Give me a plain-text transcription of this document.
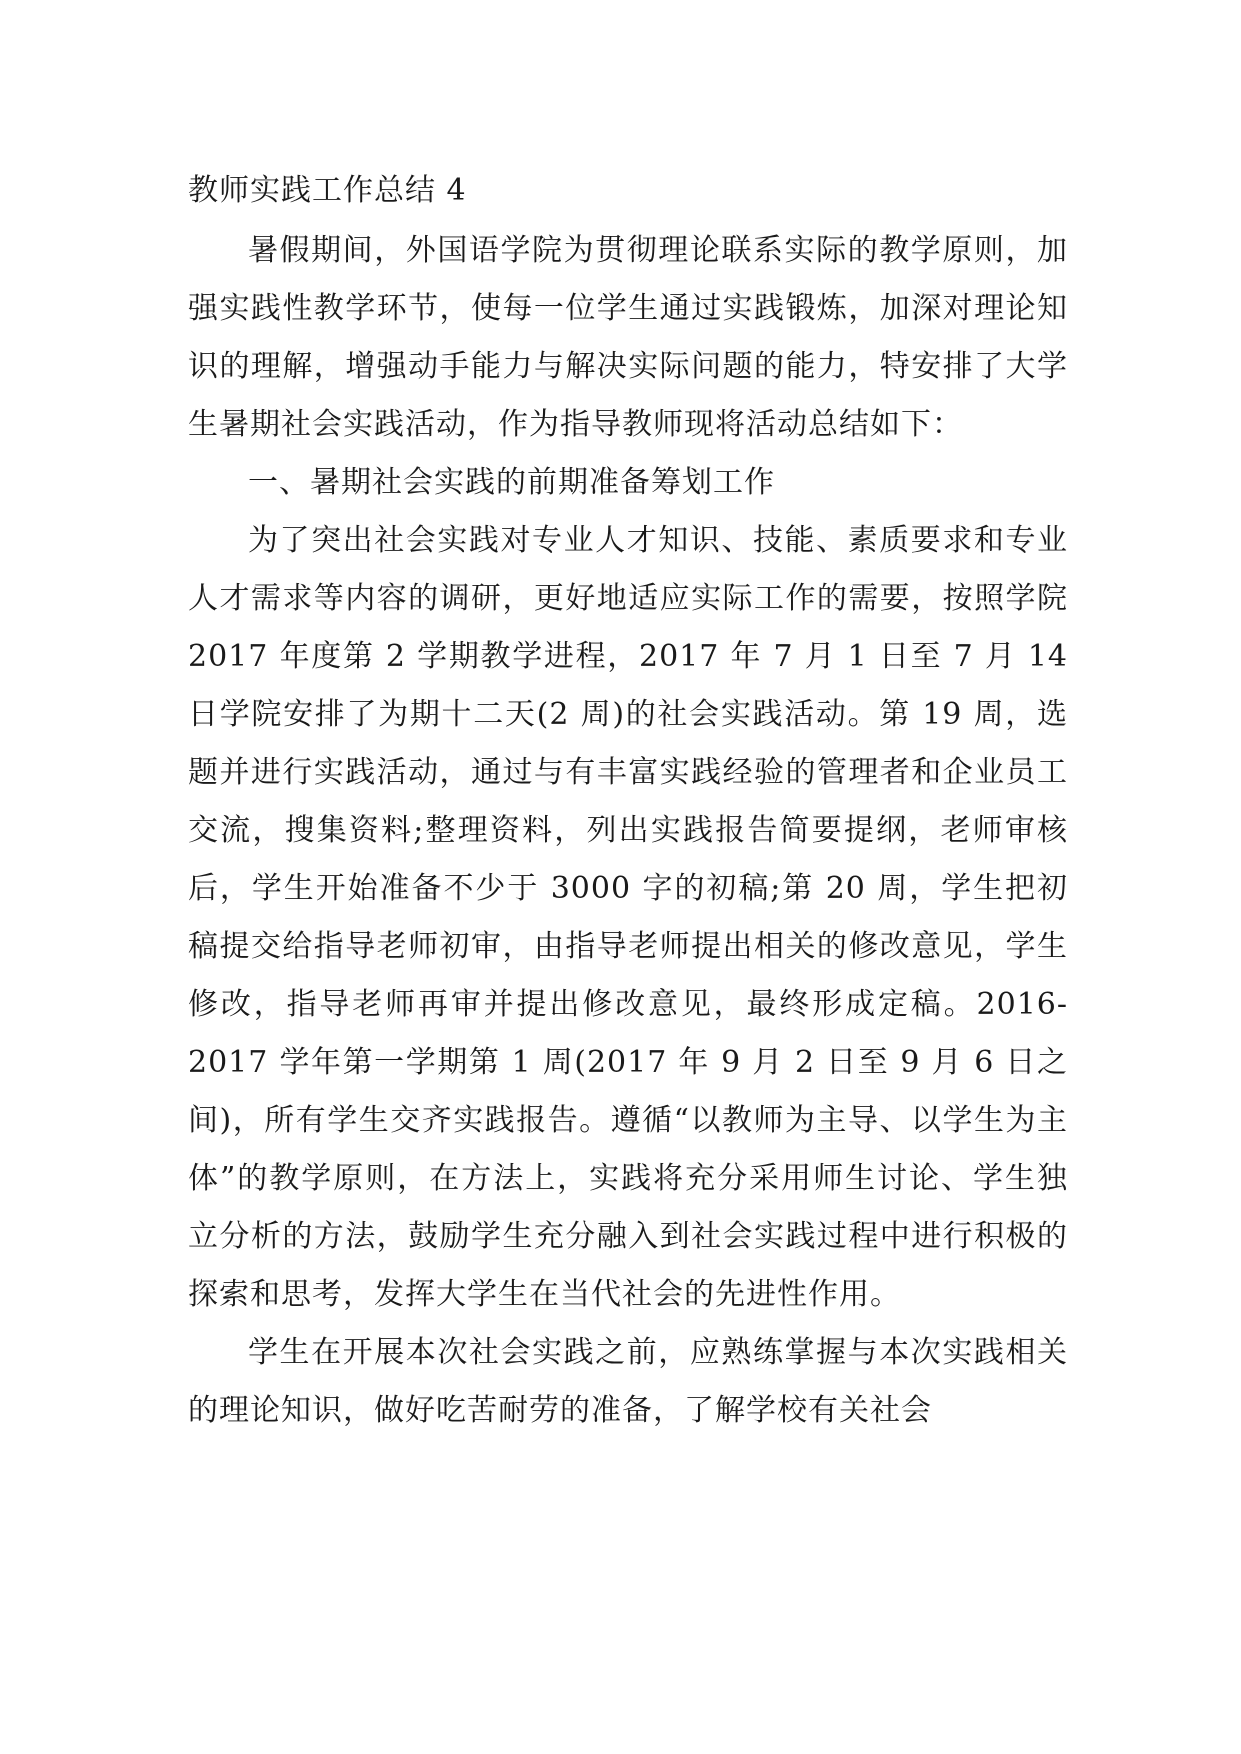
教师实践工作总结 4

暑假期间，外国语学院为贯彻理论联系实际的教学原则，加强实践性教学环节，使每一位学生通过实践锻炼，加深对理论知识的理解，增强动手能力与解决实际问题的能力，特安排了大学生暑期社会实践活动，作为指导教师现将活动总结如下：

一、暑期社会实践的前期准备筹划工作

为了突出社会实践对专业人才知识、技能、素质要求和专业人才需求等内容的调研，更好地适应实际工作的需要，按照学院 2017 年度第 2 学期教学进程，2017 年 7 月 1 日至 7 月 14 日学院安排了为期十二天(2 周)的社会实践活动。第 19 周，选题并进行实践活动，通过与有丰富实践经验的管理者和企业员工交流，搜集资料;整理资料，列出实践报告简要提纲，老师审核后，学生开始准备不少于 3000 字的初稿;第 20 周，学生把初稿提交给指导老师初审，由指导老师提出相关的修改意见，学生修改，指导老师再审并提出修改意见，最终形成定稿。2016-2017 学年第一学期第 1 周(2017 年 9 月 2 日至 9 月 6 日之间)，所有学生交齐实践报告。遵循“以教师为主导、以学生为主体”的教学原则，在方法上，实践将充分采用师生讨论、学生独立分析的方法，鼓励学生充分融入到社会实践过程中进行积极的探索和思考，发挥大学生在当代社会的先进性作用。

学生在开展本次社会实践之前，应熟练掌握与本次实践相关的理论知识，做好吃苦耐劳的准备，了解学校有关社会
